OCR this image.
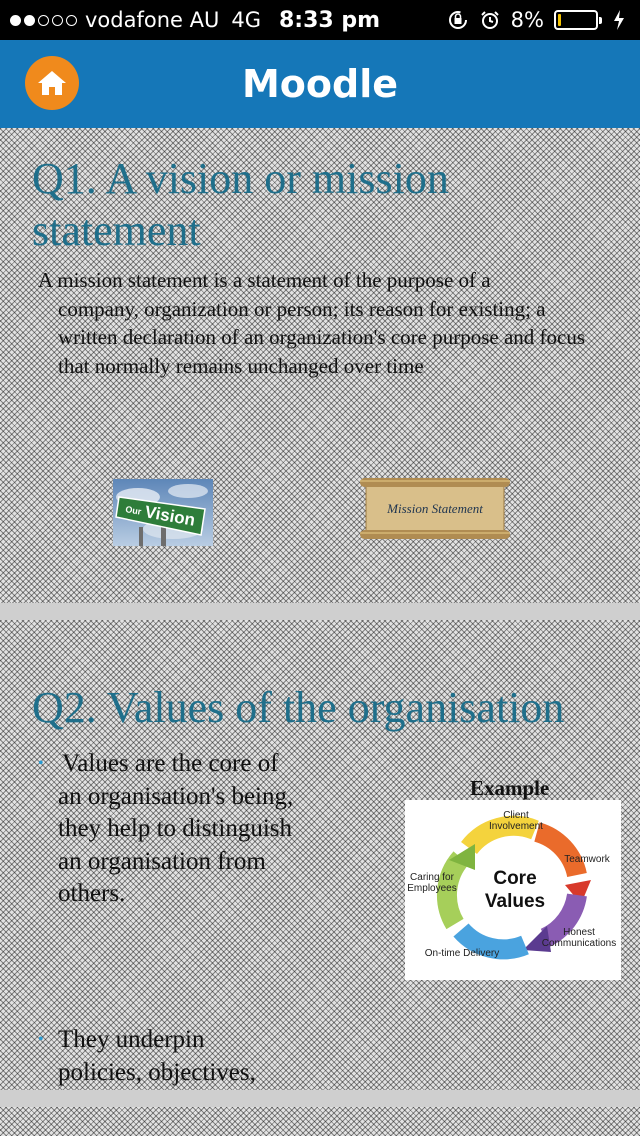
vodafone AU 4G 8:33 pm	8%
Moodle
Q1. A vision or mission statement
A mission statement is a statement of the purpose of a
company, organization or person; its reason for existing; a written declaration of an organization's core purpose and focus that normally remains unchanged over time
Our Vision	Mission Statement
Q2. Values of the organisation
• Values are the core of
an organisation's being, they help to distinguish an organisation from others.
Example
Core
Values
Client Involvement
Teamwork
Honest Communications
On-time Delivery
Caring for Employees
• They underpin
policies, objectives,
